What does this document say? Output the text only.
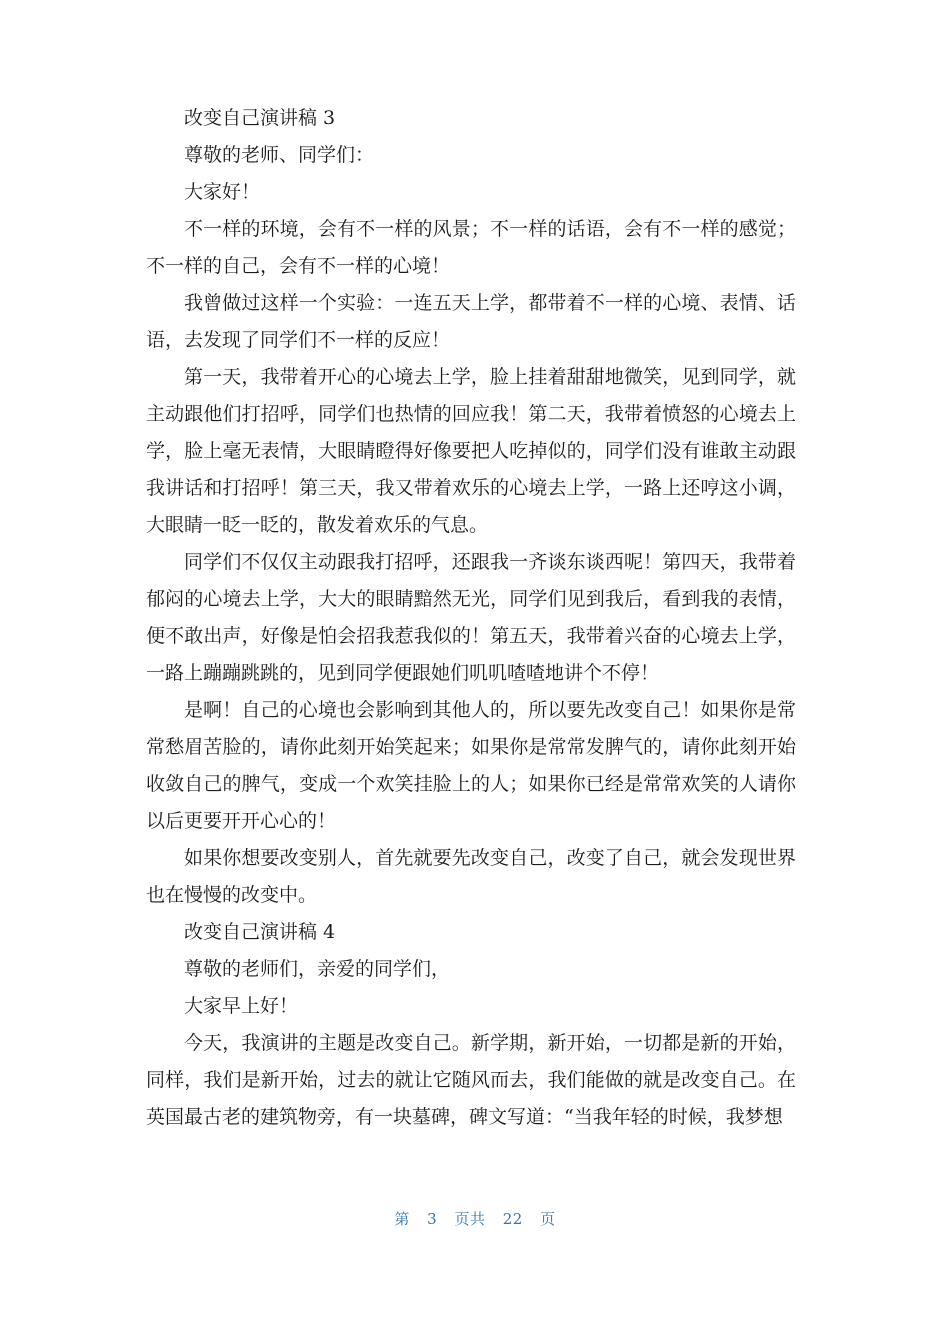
改变自己演讲稿 3

尊敬的老师、同学们：

大家好！

不一样的环境，会有不一样的风景；不一样的话语，会有不一样的感觉；不一样的自己，会有不一样的心境！

我曾做过这样一个实验：一连五天上学，都带着不一样的心境、表情、话语，去发现了同学们不一样的反应！

第一天，我带着开心的心境去上学，脸上挂着甜甜地微笑，见到同学，就主动跟他们打招呼，同学们也热情的回应我！第二天，我带着愤怒的心境去上学，脸上毫无表情，大眼睛瞪得好像要把人吃掉似的，同学们没有谁敢主动跟我讲话和打招呼！第三天，我又带着欢乐的心境去上学，一路上还哼这小调，大眼睛一眨一眨的，散发着欢乐的气息。

同学们不仅仅主动跟我打招呼，还跟我一齐谈东谈西呢！第四天，我带着郁闷的心境去上学，大大的眼睛黯然无光，同学们见到我后，看到我的表情，便不敢出声，好像是怕会招我惹我似的！第五天，我带着兴奋的心境去上学，一路上蹦蹦跳跳的，见到同学便跟她们叽叽喳喳地讲个不停！

是啊！自己的心境也会影响到其他人的，所以要先改变自己！如果你是常常愁眉苦脸的，请你此刻开始笑起来；如果你是常常发脾气的，请你此刻开始收敛自己的脾气，变成一个欢笑挂脸上的人；如果你已经是常常欢笑的人请你以后更要开开心心的！

如果你想要改变别人，首先就要先改变自己，改变了自己，就会发现世界也在慢慢的改变中。

改变自己演讲稿 4

尊敬的老师们，亲爱的同学们，

大家早上好！

今天，我演讲的主题是改变自己。新学期，新开始，一切都是新的开始，同样，我们是新开始，过去的就让它随风而去，我们能做的就是改变自己。在英国最古老的建筑物旁，有一块墓碑，碑文写道：“当我年轻的时候，我梦想

第 3 页共 22 页
